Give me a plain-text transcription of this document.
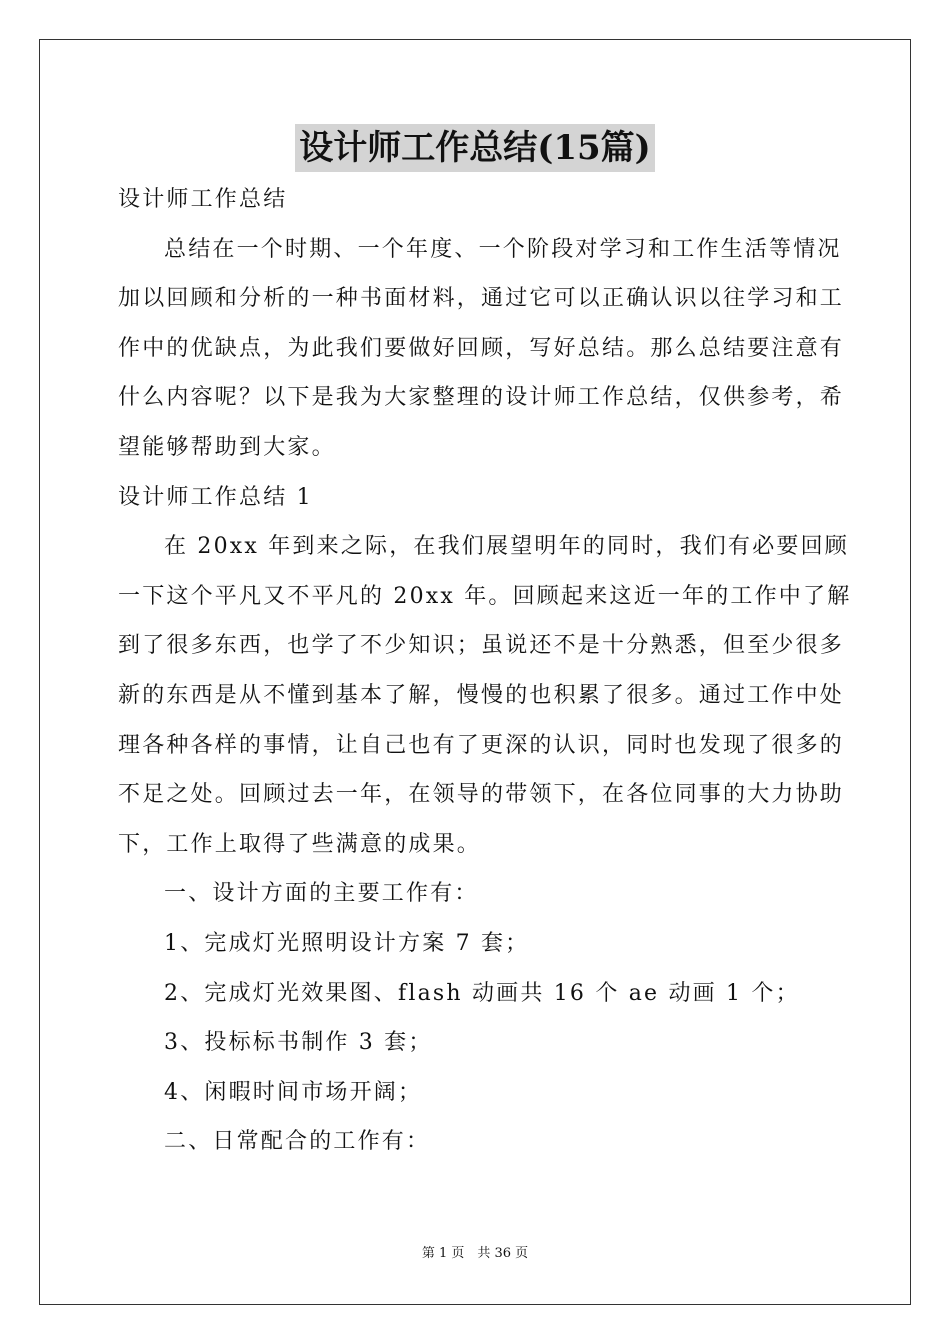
设计师工作总结(15篇)
设计师工作总结
总结在一个时期、一个年度、一个阶段对学习和工作生活等情况
加以回顾和分析的一种书面材料，通过它可以正确认识以往学习和工
作中的优缺点，为此我们要做好回顾，写好总结。那么总结要注意有
什么内容呢？以下是我为大家整理的设计师工作总结，仅供参考，希
望能够帮助到大家。
设计师工作总结 1
在 20xx 年到来之际，在我们展望明年的同时，我们有必要回顾
一下这个平凡又不平凡的 20xx 年。回顾起来这近一年的工作中了解
到了很多东西，也学了不少知识；虽说还不是十分熟悉，但至少很多
新的东西是从不懂到基本了解，慢慢的也积累了很多。通过工作中处
理各种各样的事情，让自己也有了更深的认识，同时也发现了很多的
不足之处。回顾过去一年，在领导的带领下，在各位同事的大力协助
下，工作上取得了些满意的成果。
一、设计方面的主要工作有：
1、完成灯光照明设计方案 7 套；
2、完成灯光效果图、flash 动画共 16 个 ae 动画 1 个；
3、投标标书制作 3 套；
4、闲暇时间市场开阔；
二、日常配合的工作有：
第 1 页　共 36 页
